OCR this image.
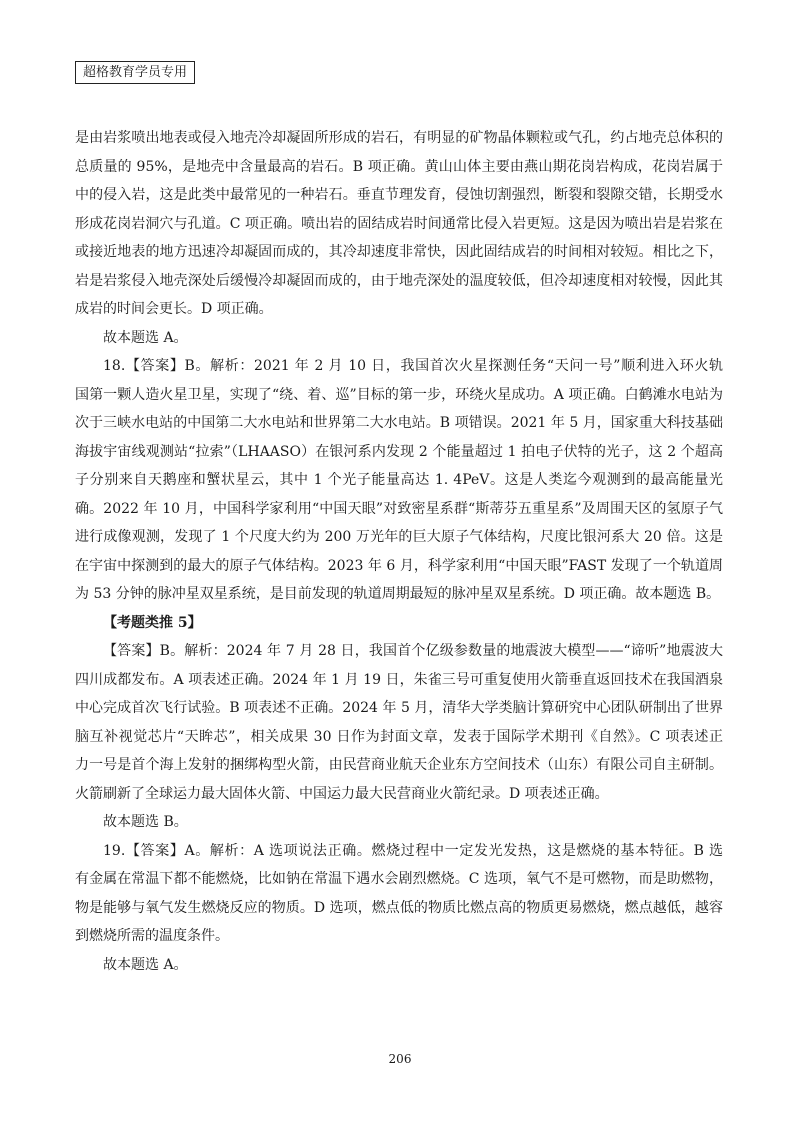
超格教育学员专用
是由岩浆喷出地表或侵入地壳冷却凝固所形成的岩石，有明显的矿物晶体颗粒或气孔，约占地壳总体积的
总质量的 95%，是地壳中含量最高的岩石。B 项正确。黄山山体主要由燕山期花岗岩构成，花岗岩属于
中的侵入岩，这是此类中最常见的一种岩石。垂直节理发育，侵蚀切割强烈，断裂和裂隙交错，长期受水
形成花岗岩洞穴与孔道。C 项正确。喷出岩的固结成岩时间通常比侵入岩更短。这是因为喷出岩是岩浆在
或接近地表的地方迅速冷却凝固而成的，其冷却速度非常快，因此固结成岩的时间相对较短。相比之下，
岩是岩浆侵入地壳深处后缓慢冷却凝固而成的，由于地壳深处的温度较低，但冷却速度相对较慢，因此其
成岩的时间会更长。D 项正确。
故本题选 A。
18.【答案】B。解析：2021 年 2 月 10 日，我国首次火星探测任务“天问一号”顺利进入环火轨
国第一颗人造火星卫星，实现了“绕、着、巡”目标的第一步，环绕火星成功。A 项正确。白鹤滩水电站为
次于三峡水电站的中国第二大水电站和世界第二大水电站。B 项错误。2021 年 5 月，国家重大科技基础
海拔宇宙线观测站“拉索”（LHAASO）在银河系内发现 2 个能量超过 1 拍电子伏特的光子，这 2 个超高
子分别来自天鹅座和蟹状星云，其中 1 个光子能量高达 1. 4PeV。这是人类迄今观测到的最高能量光
确。2022 年 10 月，中国科学家利用“中国天眼”对致密星系群“斯蒂芬五重星系”及周围天区的氢原子气
进行成像观测，发现了 1 个尺度大约为 200 万光年的巨大原子气体结构，尺度比银河系大 20 倍。这是
在宇宙中探测到的最大的原子气体结构。2023 年 6 月，科学家利用“中国天眼”FAST 发现了一个轨道周
为 53 分钟的脉冲星双星系统，是目前发现的轨道周期最短的脉冲星双星系统。D 项正确。故本题选 B。
【考题类推 5】
【答案】B。解析：2024 年 7 月 28 日，我国首个亿级参数量的地震波大模型——“谛听”地震波大
四川成都发布。A 项表述正确。2024 年 1 月 19 日，朱雀三号可重复使用火箭垂直返回技术在我国酒泉
中心完成首次飞行试验。B 项表述不正确。2024 年 5 月，清华大学类脑计算研究中心团队研制出了世界
脑互补视觉芯片“天眸芯”，相关成果 30 日作为封面文章，发表于国际学术期刊《自然》。C 项表述正
力一号是首个海上发射的捆绑构型火箭，由民营商业航天企业东方空间技术（山东）有限公司自主研制。
火箭刷新了全球运力最大固体火箭、中国运力最大民营商业火箭纪录。D 项表述正确。
故本题选 B。
19.【答案】A。解析：A 选项说法正确。燃烧过程中一定发光发热，这是燃烧的基本特征。B 选
有金属在常温下都不能燃烧，比如钠在常温下遇水会剧烈燃烧。C 选项，氧气不是可燃物，而是助燃物，
物是能够与氧气发生燃烧反应的物质。D 选项，燃点低的物质比燃点高的物质更易燃烧，燃点越低，越容
到燃烧所需的温度条件。
故本题选 A。
206
